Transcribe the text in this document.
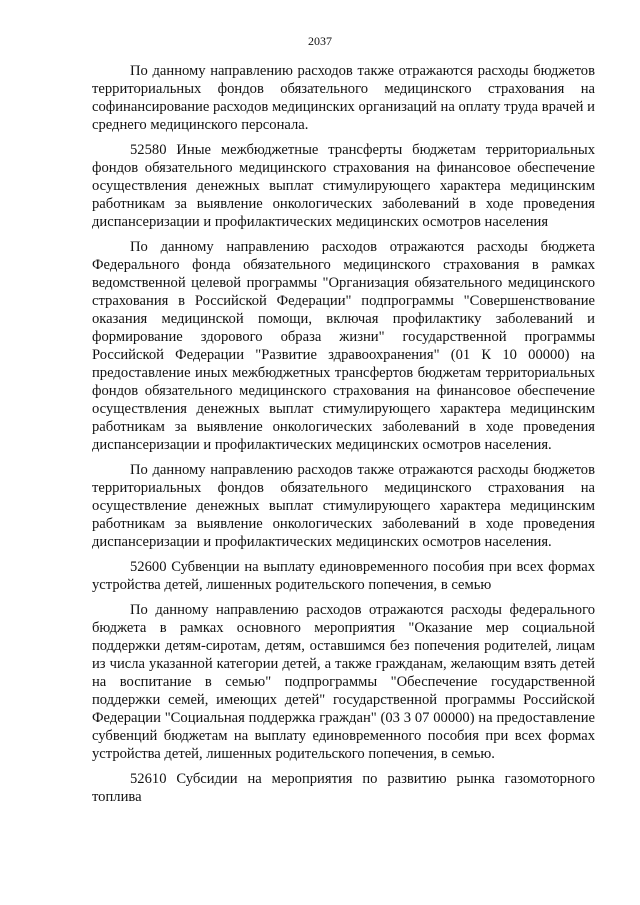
2037

По данному направлению расходов также отражаются расходы бюджетов территориальных фондов обязательного медицинского страхования на софинансирование расходов медицинских организаций на оплату труда врачей и среднего медицинского персонала.

52580 Иные межбюджетные трансферты бюджетам территориальных фондов обязательного медицинского страхования на финансовое обеспечение осуществления денежных выплат стимулирующего характера медицинским работникам за выявление онкологических заболеваний в ходе проведения диспансеризации и профилактических медицинских осмотров населения

По данному направлению расходов отражаются расходы бюджета Федерального фонда обязательного медицинского страхования в рамках ведомственной целевой программы "Организация обязательного медицинского страхования в Российской Федерации" подпрограммы "Совершенствование оказания медицинской помощи, включая профилактику заболеваний и формирование здорового образа жизни" государственной программы Российской Федерации "Развитие здравоохранения" (01 К 10 00000) на предоставление иных межбюджетных трансфертов бюджетам территориальных фондов обязательного медицинского страхования на финансовое обеспечение осуществления денежных выплат стимулирующего характера медицинским работникам за выявление онкологических заболеваний в ходе проведения диспансеризации и профилактических медицинских осмотров населения.

По данному направлению расходов также отражаются расходы бюджетов территориальных фондов обязательного медицинского страхования на осуществление денежных выплат стимулирующего характера медицинским работникам за выявление онкологических заболеваний в ходе проведения диспансеризации и профилактических медицинских осмотров населения.

52600 Субвенции на выплату единовременного пособия при всех формах устройства детей, лишенных родительского попечения, в семью

По данному направлению расходов отражаются расходы федерального бюджета в рамках основного мероприятия "Оказание мер социальной поддержки детям-сиротам, детям, оставшимся без попечения родителей, лицам из числа указанной категории детей, а также гражданам, желающим взять детей на воспитание в семью" подпрограммы "Обеспечение государственной поддержки семей, имеющих детей" государственной программы Российской Федерации "Социальная поддержка граждан" (03 3 07 00000) на предоставление субвенций бюджетам на выплату единовременного пособия при всех формах устройства детей, лишенных родительского попечения, в семью.

52610 Субсидии на мероприятия по развитию рынка газомоторного топлива
